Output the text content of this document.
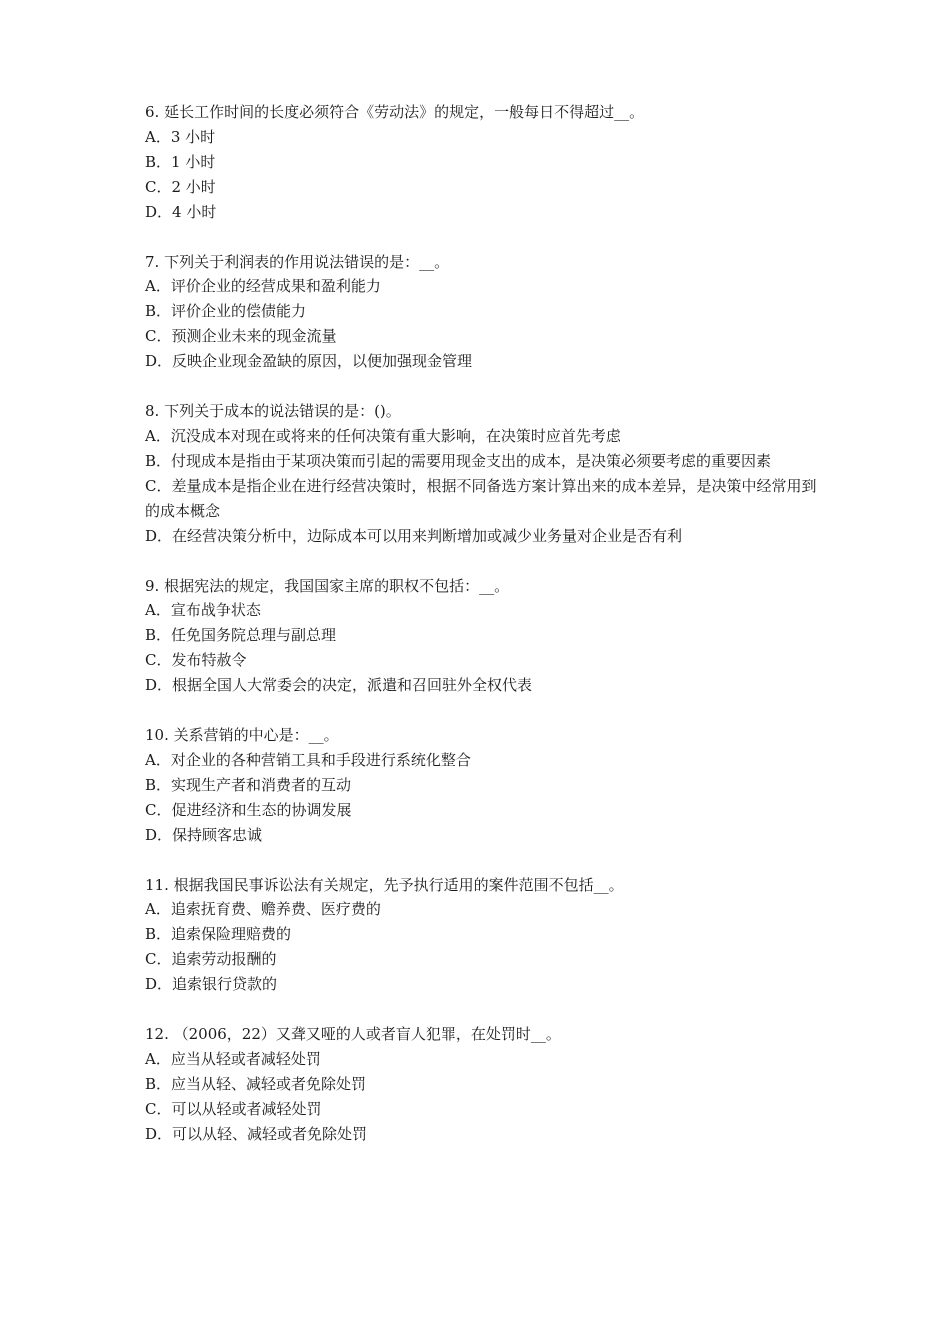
6. 延长工作时间的长度必须符合《劳动法》的规定，一般每日不得超过__。

A．3 小时

B．1 小时

C．2 小时

D．4 小时

7. 下列关于利润表的作用说法错误的是：__。

A．评价企业的经营成果和盈利能力

B．评价企业的偿债能力

C．预测企业未来的现金流量

D．反映企业现金盈缺的原因，以便加强现金管理

8. 下列关于成本的说法错误的是：()。

A．沉没成本对现在或将来的任何决策有重大影响，在决策时应首先考虑

B．付现成本是指由于某项决策而引起的需要用现金支出的成本，是决策必须要考虑的重要因素

C．差量成本是指企业在进行经营决策时，根据不同备选方案计算出来的成本差异，是决策中经常用到的成本概念

D．在经营决策分析中，边际成本可以用来判断增加或减少业务量对企业是否有利

9. 根据宪法的规定，我国国家主席的职权不包括：__。

A．宣布战争状态

B．任免国务院总理与副总理

C．发布特赦令

D．根据全国人大常委会的决定，派遣和召回驻外全权代表

10. 关系营销的中心是：__。

A．对企业的各种营销工具和手段进行系统化整合

B．实现生产者和消费者的互动

C．促进经济和生态的协调发展

D．保持顾客忠诚

11. 根据我国民事诉讼法有关规定，先予执行适用的案件范围不包括__。

A．追索抚育费、赡养费、医疗费的

B．追索保险理赔费的

C．追索劳动报酬的

D．追索银行贷款的

12. （2006，22）又聋又哑的人或者盲人犯罪，在处罚时__。

A．应当从轻或者减轻处罚

B．应当从轻、减轻或者免除处罚

C．可以从轻或者减轻处罚

D．可以从轻、减轻或者免除处罚
